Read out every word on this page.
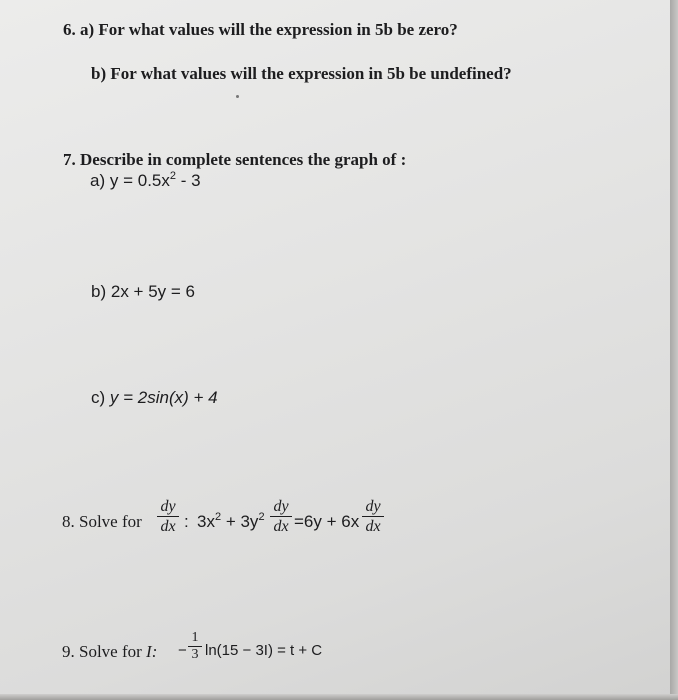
6. a) For what values will the expression in 5b be zero?
b) For what values will the expression in 5b be undefined?
7. Describe in complete sentences the graph of :
a) $y = 0.5x^2 - 3$
b) 2x + 5y = 6
c) y = 2sin(x) + 4
8. Solve for
dy
dx : $3x^2 + 3y^2$
dy
dx =6y + 6x
dy
dx
9. Solve for I: −
1
3 ln(15 − 3I) = t + C
